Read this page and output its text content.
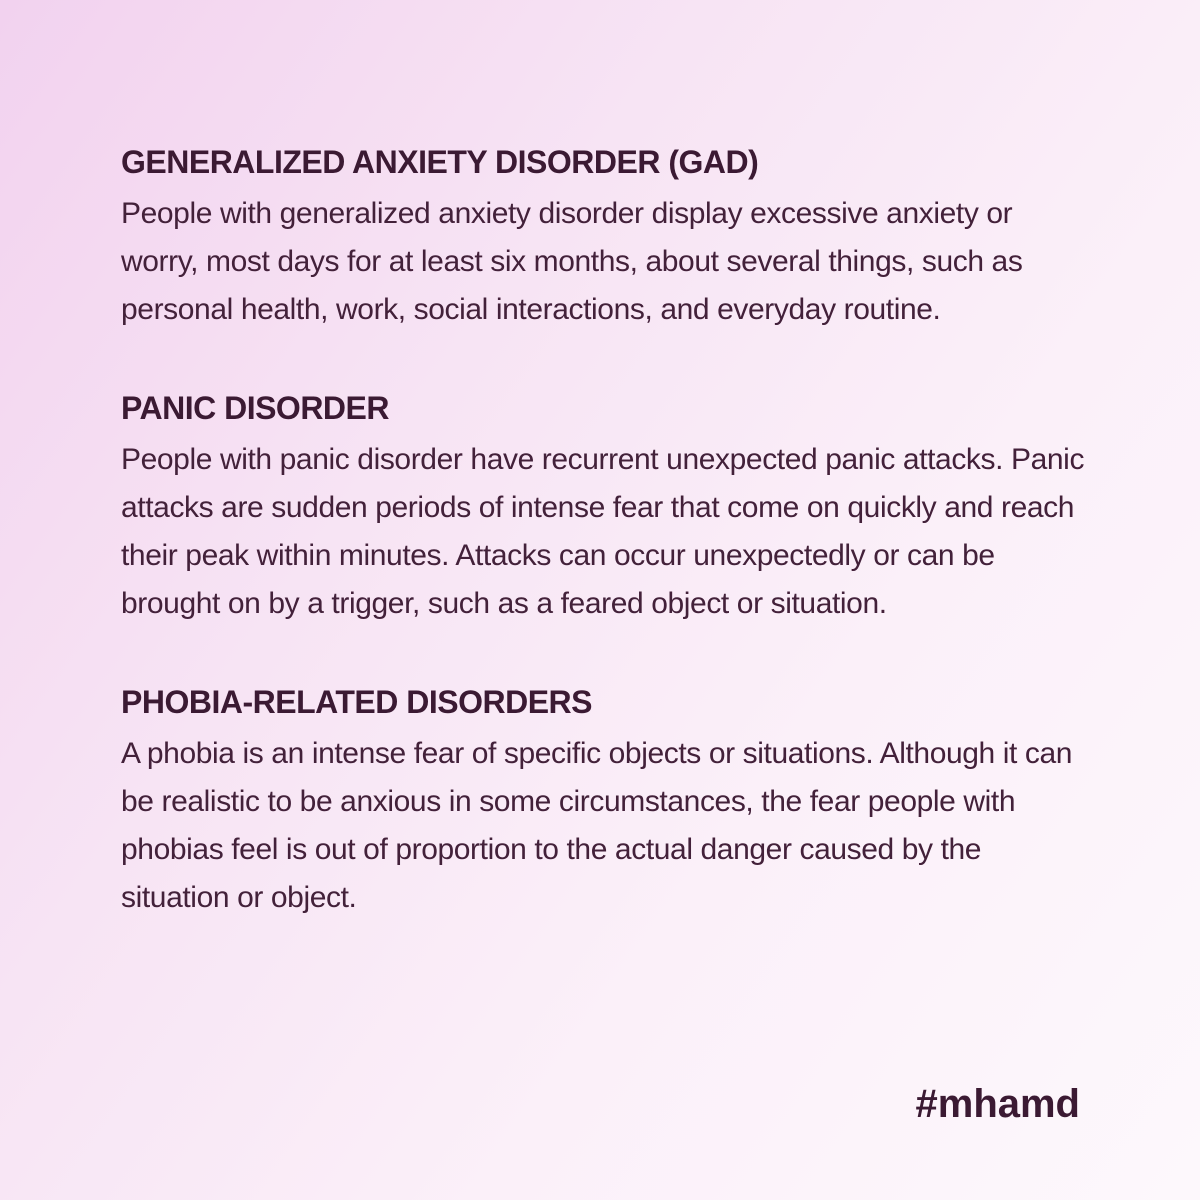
GENERALIZED ANXIETY DISORDER (GAD)

People with generalized anxiety disorder display excessive anxiety or worry, most days for at least six months, about several things, such as personal health, work, social interactions, and everyday routine.

PANIC DISORDER

People with panic disorder have recurrent unexpected panic attacks. Panic attacks are sudden periods of intense fear that come on quickly and reach their peak within minutes. Attacks can occur unexpectedly or can be brought on by a trigger, such as a feared object or situation.

PHOBIA-RELATED DISORDERS

A phobia is an intense fear of specific objects or situations. Although it can be realistic to be anxious in some circumstances, the fear people with phobias feel is out of proportion to the actual danger caused by the situation or object.

#mhamd
